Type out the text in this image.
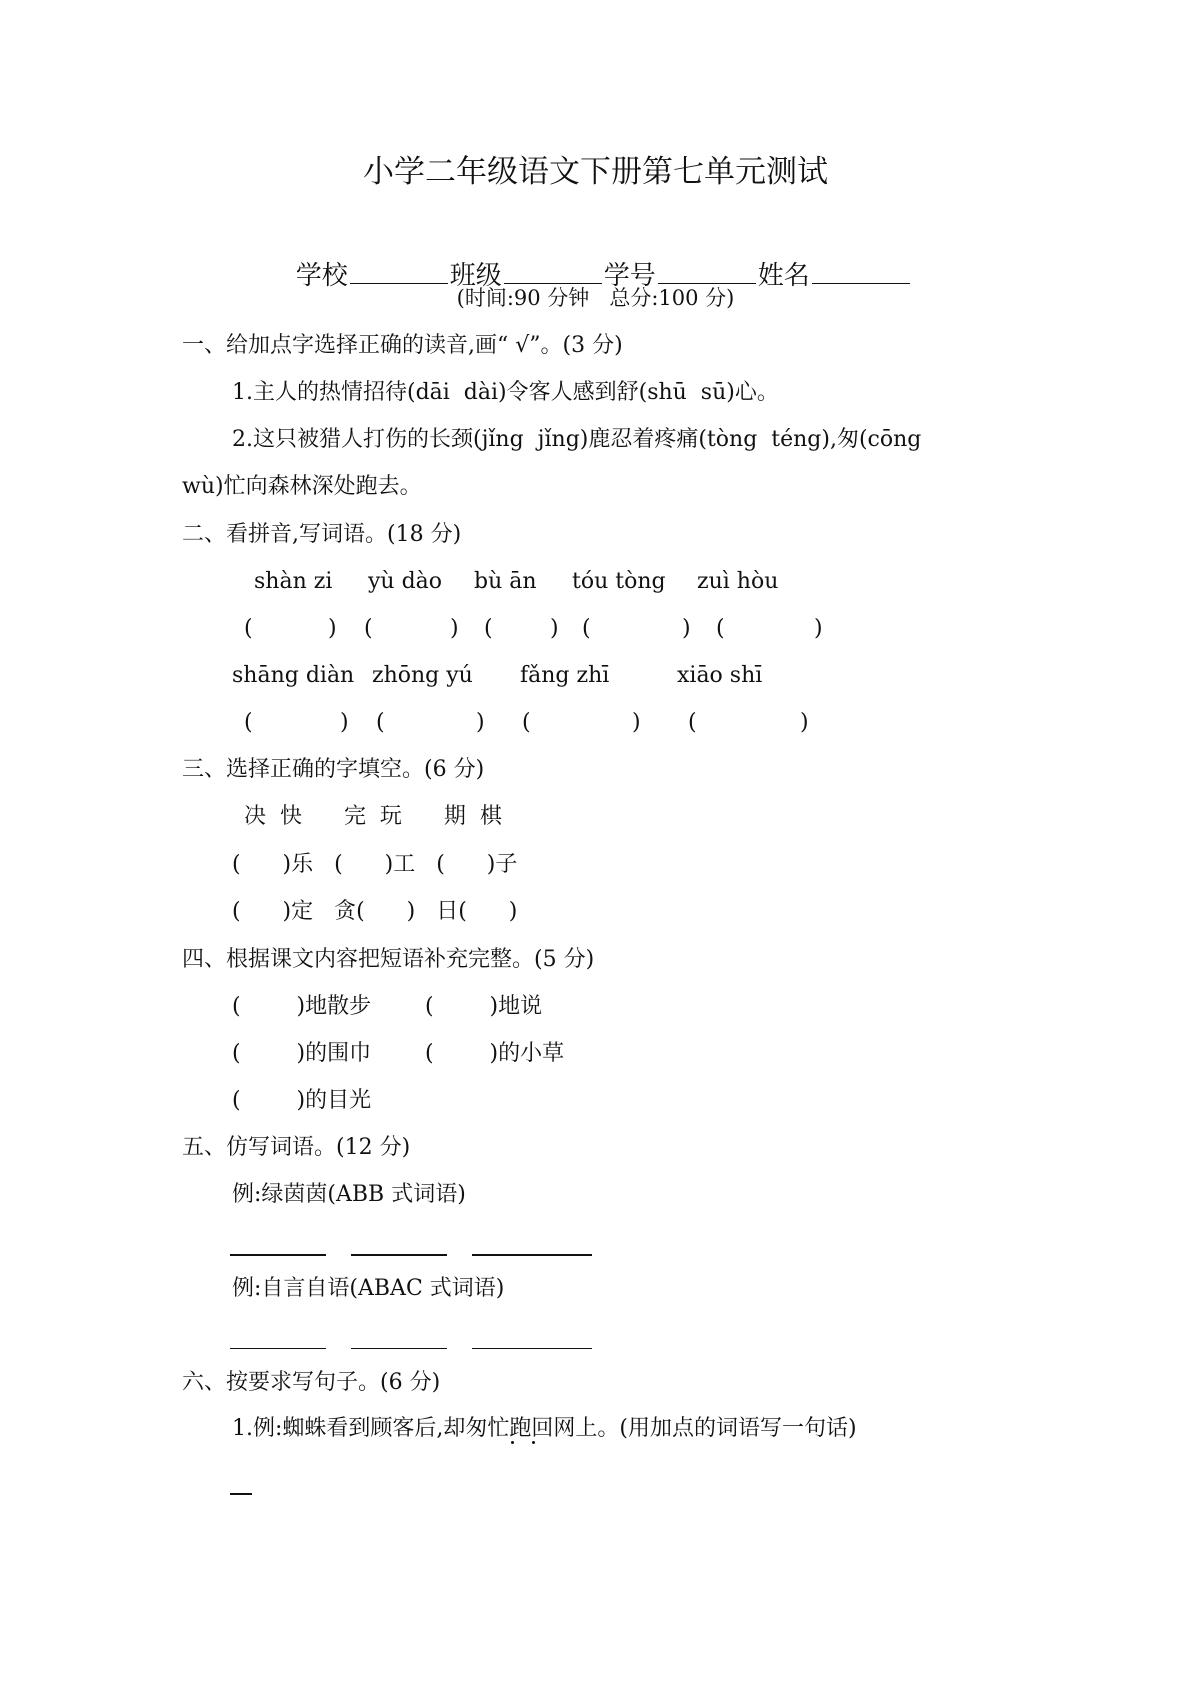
小学二年级语文下册第七单元测试

学校	班级	学号	姓名

(时间:90 分钟   总分:100 分)
一、给加点字选择正确的读音,画“ √”。(3 分)
1.主人的热情招待(dāi  dài)令客人感到舒(shū  sū)心。
2.这只被猎人打伤的长颈(jǐng  jǐng)鹿忍着疼痛(tòng  téng),匆(cōng
wù)忙向森林深处跑去。
二、看拼音,写词语。(18 分)
shàn zi yù dào bù ān tóu tòng zuì hòu
(	) (	) (	) (	) (	)
shāng diàn zhōng yú fǎng zhī	xiāo shī
(	) (	) (	) (	)
三、选择正确的字填空。(6 分)
决  快      完  玩      期  棋
(      )乐   (      )工   (      )子
(      )定   贪(      )   日(      )
四、根据课文内容把短语补充完整。(5 分)
(        )地散步 (        )地说
(        )的围巾 (        )的小草
(        )的目光
五、仿写词语。(12 分)
例:绿茵茵(ABB 式词语)
例:自言自语(ABAC 式词语)
六、按要求写句子。(6 分)
1.例:蜘蛛看到顾客后,却匆忙跑回网上。(用加点的词语写一句话)
